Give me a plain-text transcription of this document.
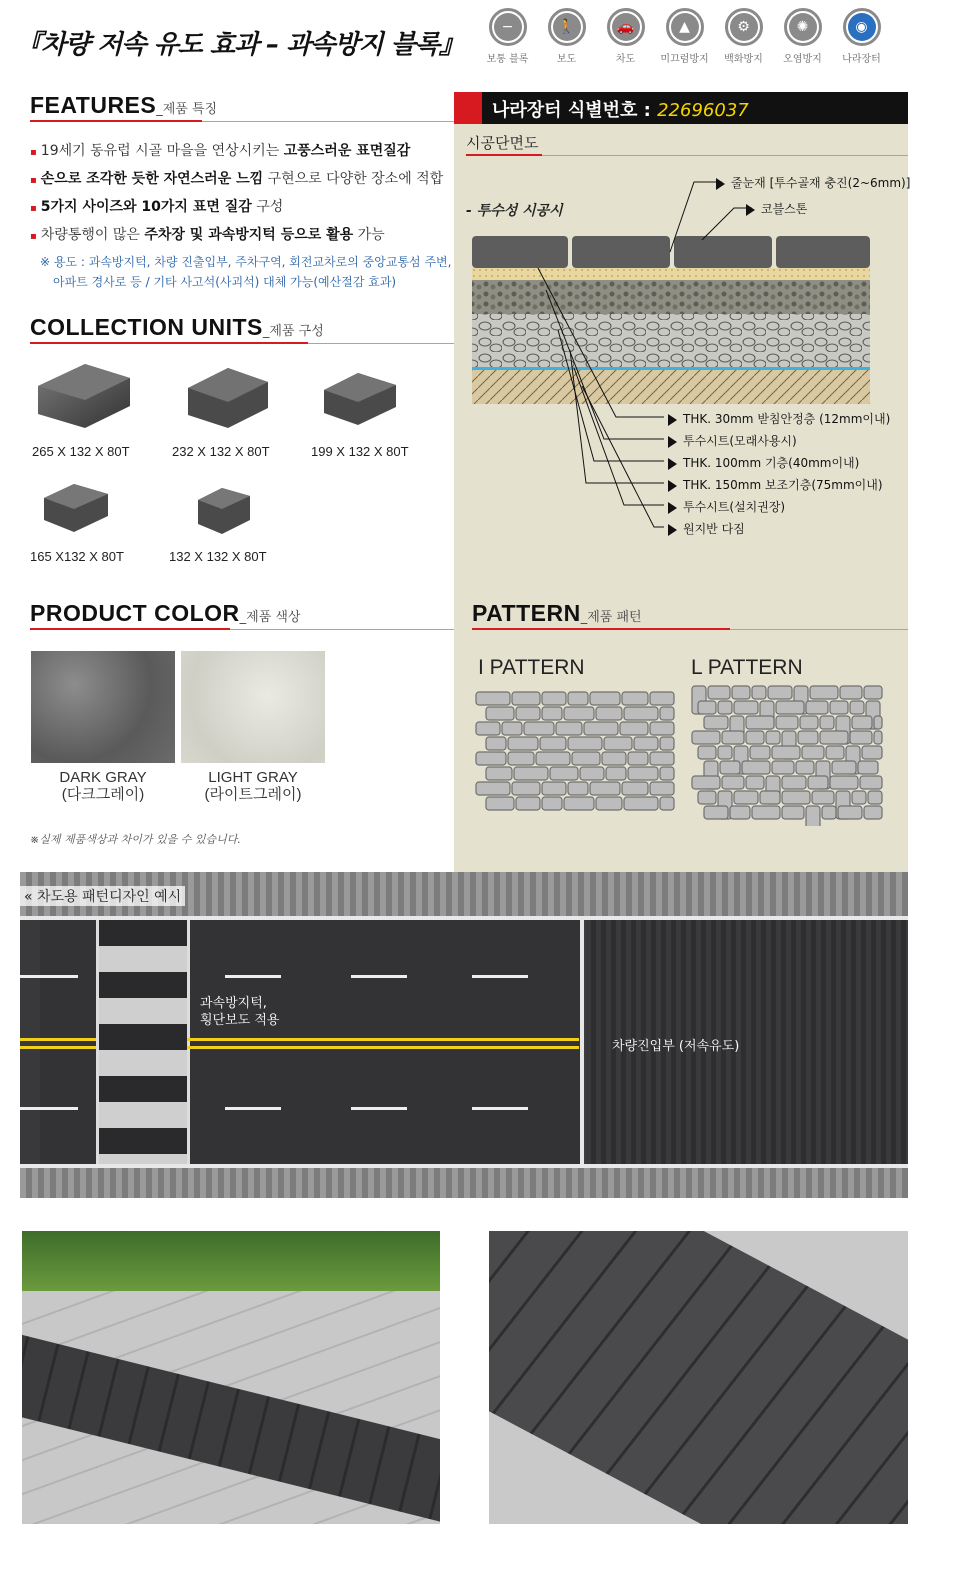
『차량 저속 유도 효과 – 과속방지 블록』
−
보통 블록
🚶
보도
🚗
차도
▲
미끄럼방지
⚙
백화방지
✺
오염방지
◉
나라장터
FEATURES_제품 특징
▪ 19세기 동유럽 시골 마을을 연상시키는 고풍스러운 표면질감
▪ 손으로 조각한 듯한 자연스러운 느낌 구현으로 다양한 장소에 적합
▪ 5가지 사이즈와 10가지 표면 질감 구성
▪ 차량통행이 많은 주차장 및 과속방지턱 등으로 활용 가능
※ 용도 : 과속방지턱, 차량 진출입부, 주차구역, 회전교차로의 중앙교통섬 주변,
아파트 경사로 등 / 기타 사고석(사괴석) 대체 가능(예산절감 효과)
COLLECTION UNITS_제품 구성
265 X 132 X 80T	232 X 132 X 80T	199 X 132 X 80T
165 X132 X 80T	132 X 132 X 80T
PRODUCT COLOR_제품 색상
DARK GRAY
(다크그레이)
LIGHT GRAY
(라이트그레이)
※실제 제품색상과 차이가 있을 수 있습니다.
나라장터 식별번호 : 22696037
시공단면도
- 투수성 시공시
줄눈재 [투수골재 충진(2~6mm)]
코블스톤
THK. 30mm 받침안정층 (12mm이내)
투수시트(모래사용시)
THK. 100mm 기층(40mm이내)
THK. 150mm 보조기층(75mm이내)
투수시트(설치권장)
원지반 다짐
PATTERN_제품 패턴
I PATTERN	L PATTERN
« 차도용 패턴디자인 예시
과속방지턱,
횡단보도 적용
차량진입부 (저속유도)
